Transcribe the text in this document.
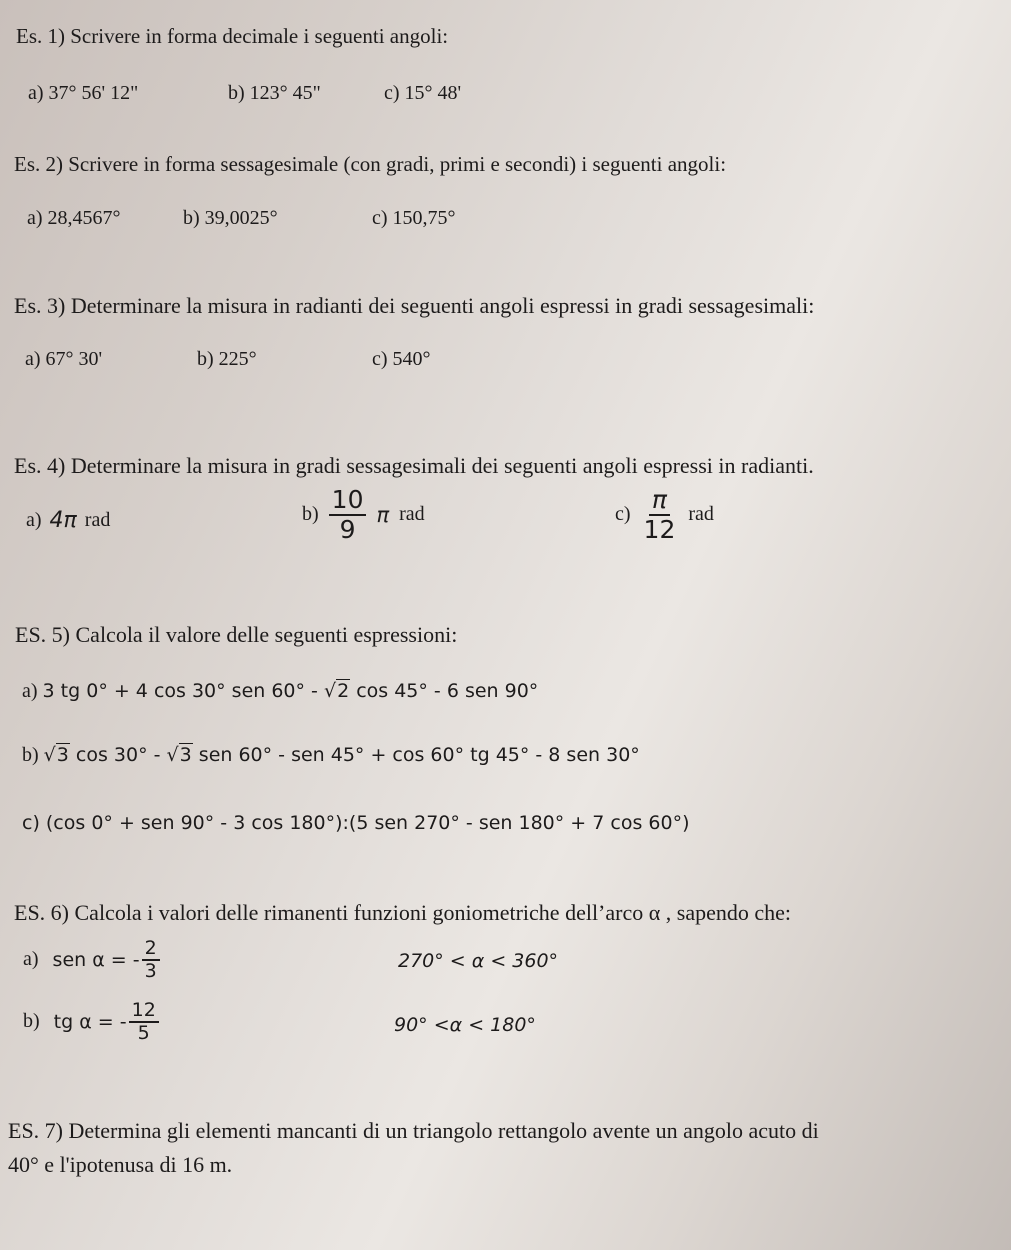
Es. 1) Scrivere in forma decimale i seguenti angoli:
a) 37° 56' 12"	b) 123° 45"	c) 15° 48'
Es. 2) Scrivere in forma sessagesimale (con gradi, primi e secondi) i seguenti angoli:
a) 28,4567°	b) 39,0025°	c) 150,75°
Es. 3) Determinare la misura in radianti dei seguenti angoli espressi in gradi sessagesimali:
a) 67° 30'	b) 225°	c) 540°
Es. 4) Determinare la misura in gradi sessagesimali dei seguenti angoli espressi in radianti.
a) 4π rad	$b) \frac{10}{9}$ π rad	$c) \frac{\pi}{12}$ rad
ES. 5) Calcola il valore delle seguenti espressioni:
a) 3 tg 0° + 4 cos 30° sen 60° - √2 cos 45° - 6 sen 90°
b) √3 cos 30° - √3 sen 60° - sen 45° + cos 60° tg 45° - 8 sen 30°
c) (cos 0° + sen 90° - 3 cos 180°):(5 sen 270° - sen 180° + 7 cos 60°)
ES. 6) Calcola i valori delle rimanenti funzioni goniometriche dell’arco α , sapendo che:
a) sen α = - $\frac{2}{3}$	270° < α < 360°
b) tg α = - $\frac{12}{5}$	90° <α < 180°
ES. 7) Determina gli elementi mancanti di un triangolo rettangolo avente un angolo acuto di
40° e l'ipotenusa di 16 m.
